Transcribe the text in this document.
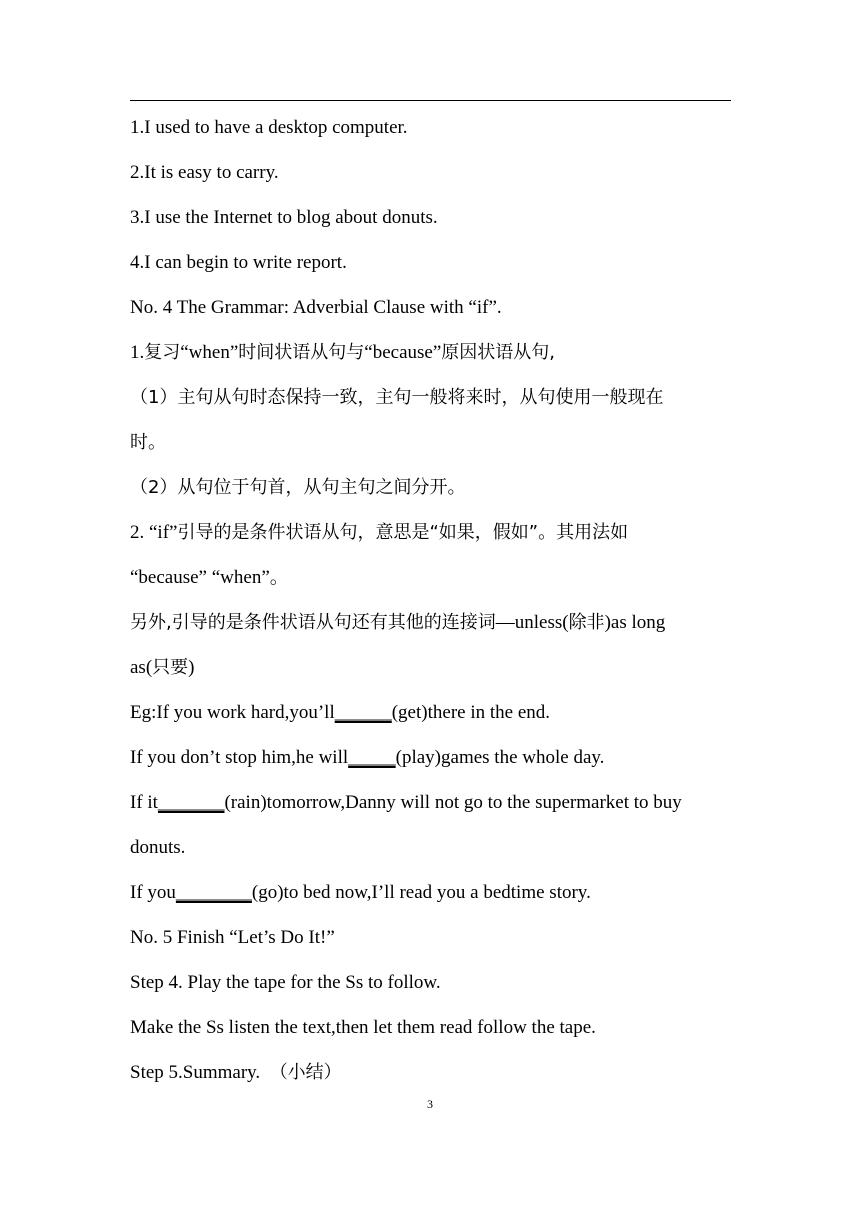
1.I used to have a desktop computer.
2.It is easy to carry.
3.I use the Internet to blog about donuts.
4.I can begin to write report.
No. 4 The Grammar: Adverbial Clause with “if”.
1.复习“when”时间状语从句与“because”原因状语从句,
（1）主句从句时态保持一致，主句一般将来时，从句使用一般现在
时。
（2）从句位于句首，从句主句之间分开。
2. “if”引导的是条件状语从句，意思是“如果，假如”。其用法如
“because” “when”。
另外,引导的是条件状语从句还有其他的连接词—unless(除非)as long
as(只要)
Eg:If you work hard,you’ll______(get)there in the end.
If you don’t stop him,he will_____(play)games the whole day.
If it_______(rain)tomorrow,Danny will not go to the supermarket to buy
donuts.
If you________(go)to bed now,I’ll read you a bedtime story.
No. 5 Finish “Let’s Do It!”
Step 4. Play the tape for the Ss to follow.
Make the Ss listen the text,then let them read follow the tape.
Step 5.Summary. （小结）
3
